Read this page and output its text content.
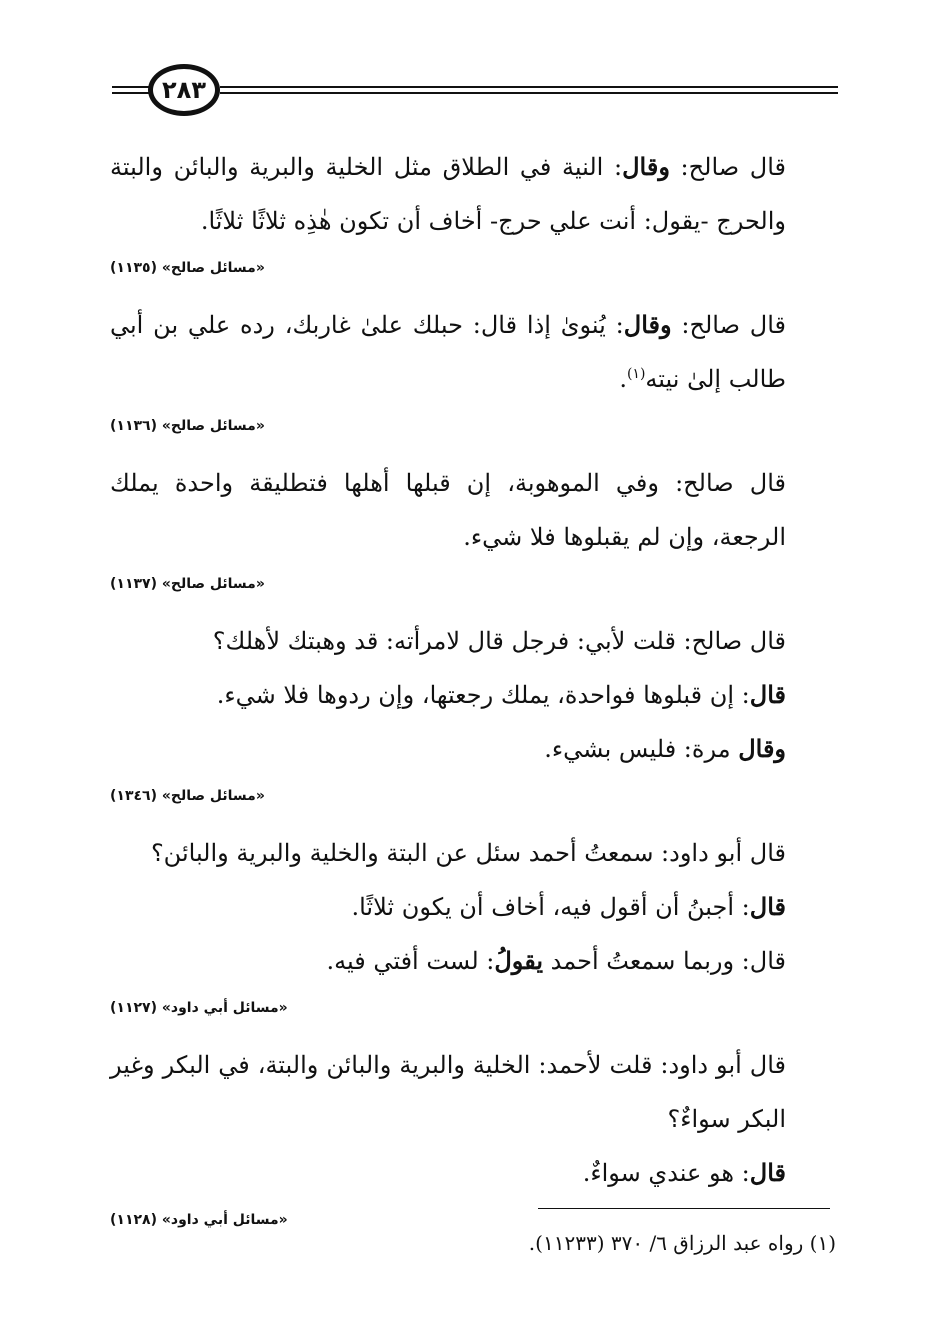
٢٨٣

قال صالح: وقال: النية في الطلاق مثل الخلية والبرية والبائن والبتة والحرج -يقول: أنت علي حرج- أخاف أن تكون هٰذِه ثلاثًا ثلاثًا.

«مسائل صالح» (١١٣٥)

قال صالح: وقال: يُنوىٰ إذا قال: حبلك علىٰ غاربك، رده علي بن أبي طالب إلىٰ نيته$^{(١)}$.

«مسائل صالح» (١١٣٦)

قال صالح: وفي الموهوبة، إن قبلها أهلها فتطليقة واحدة يملك الرجعة، وإن لم يقبلوها فلا شيء.

«مسائل صالح» (١١٣٧)

قال صالح: قلت لأبي: فرجل قال لامرأته: قد وهبتك لأهلك؟

قال: إن قبلوها فواحدة، يملك رجعتها، وإن ردوها فلا شيء.

وقال مرة: فليس بشيء.

«مسائل صالح» (١٣٤٦)

قال أبو داود: سمعتُ أحمد سئل عن البتة والخلية والبرية والبائن؟

قال: أجبنُ أن أقول فيه، أخاف أن يكون ثلاثًا.

قال: وربما سمعتُ أحمد يقولُ: لست أفتي فيه.

«مسائل أبي داود» (١١٢٧)

قال أبو داود: قلت لأحمد: الخلية والبرية والبائن والبتة، في البكر وغير البكر سواءٌ؟

قال: هو عندي سواءٌ.

«مسائل أبي داود» (١١٢٨)
(١) رواه عبد الرزاق ٦/ ٣٧٠ (١١٢٣٣).
